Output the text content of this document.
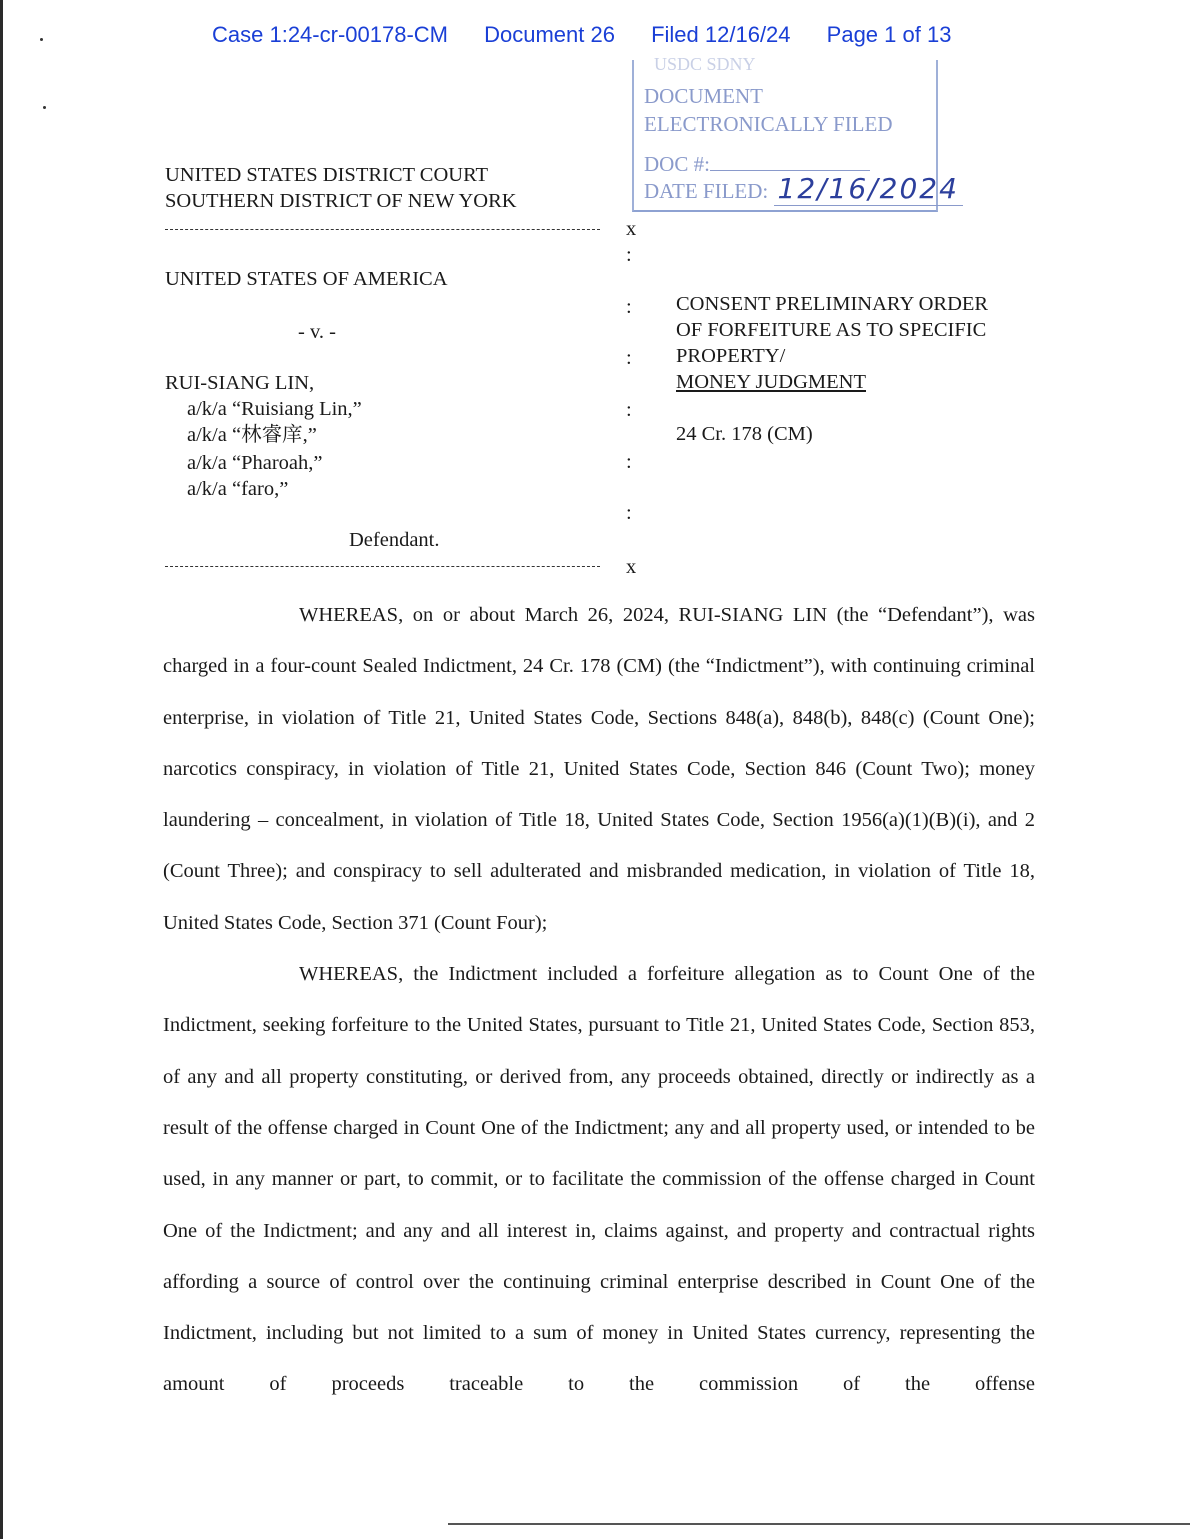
Case 1:24-cr-00178-CM Document 26 Filed 12/16/24 Page 1 of 13
USDC SDNY
DOCUMENT
ELECTRONICALLY FILED
DOC #:
DATE FILED: 12/16/2024
UNITED STATES DISTRICT COURT
SOUTHERN DISTRICT OF NEW YORK
x
:
:
:
:
:
:
UNITED STATES OF AMERICA
- v. -
RUI-SIANG LIN,
a/k/a “Ruisiang Lin,”
a/k/a “林睿庠,”
a/k/a “Pharoah,”
a/k/a “faro,”
Defendant.
x
CONSENT PRELIMINARY ORDER
OF FORFEITURE AS TO SPECIFIC
PROPERTY/
MONEY JUDGMENT
24 Cr. 178 (CM)

WHEREAS, on or about March 26, 2024, RUI-SIANG LIN (the “Defendant”), was charged in a four-count Sealed Indictment, 24 Cr. 178 (CM) (the “Indictment”), with continuing criminal enterprise, in violation of Title 21, United States Code, Sections 848(a), 848(b), 848(c) (Count One); narcotics conspiracy, in violation of Title 21, United States Code, Section 846 (Count Two); money laundering – concealment, in violation of Title 18, United States Code, Section 1956(a)(1)(B)(i), and 2 (Count Three); and conspiracy to sell adulterated and misbranded medication, in violation of Title 18, United States Code, Section 371 (Count Four);

WHEREAS, the Indictment included a forfeiture allegation as to Count One of the Indictment, seeking forfeiture to the United States, pursuant to Title 21, United States Code, Section 853, of any and all property constituting, or derived from, any proceeds obtained, directly or indirectly as a result of the offense charged in Count One of the Indictment; any and all property used, or intended to be used, in any manner or part, to commit, or to facilitate the commission of the offense charged in Count One of the Indictment; and any and all interest in, claims against, and property and contractual rights affording a source of control over the continuing criminal enterprise described in Count One of the Indictment, including but not limited to a sum of money in United States currency, representing the amount of proceeds traceable to the commission of the offense
